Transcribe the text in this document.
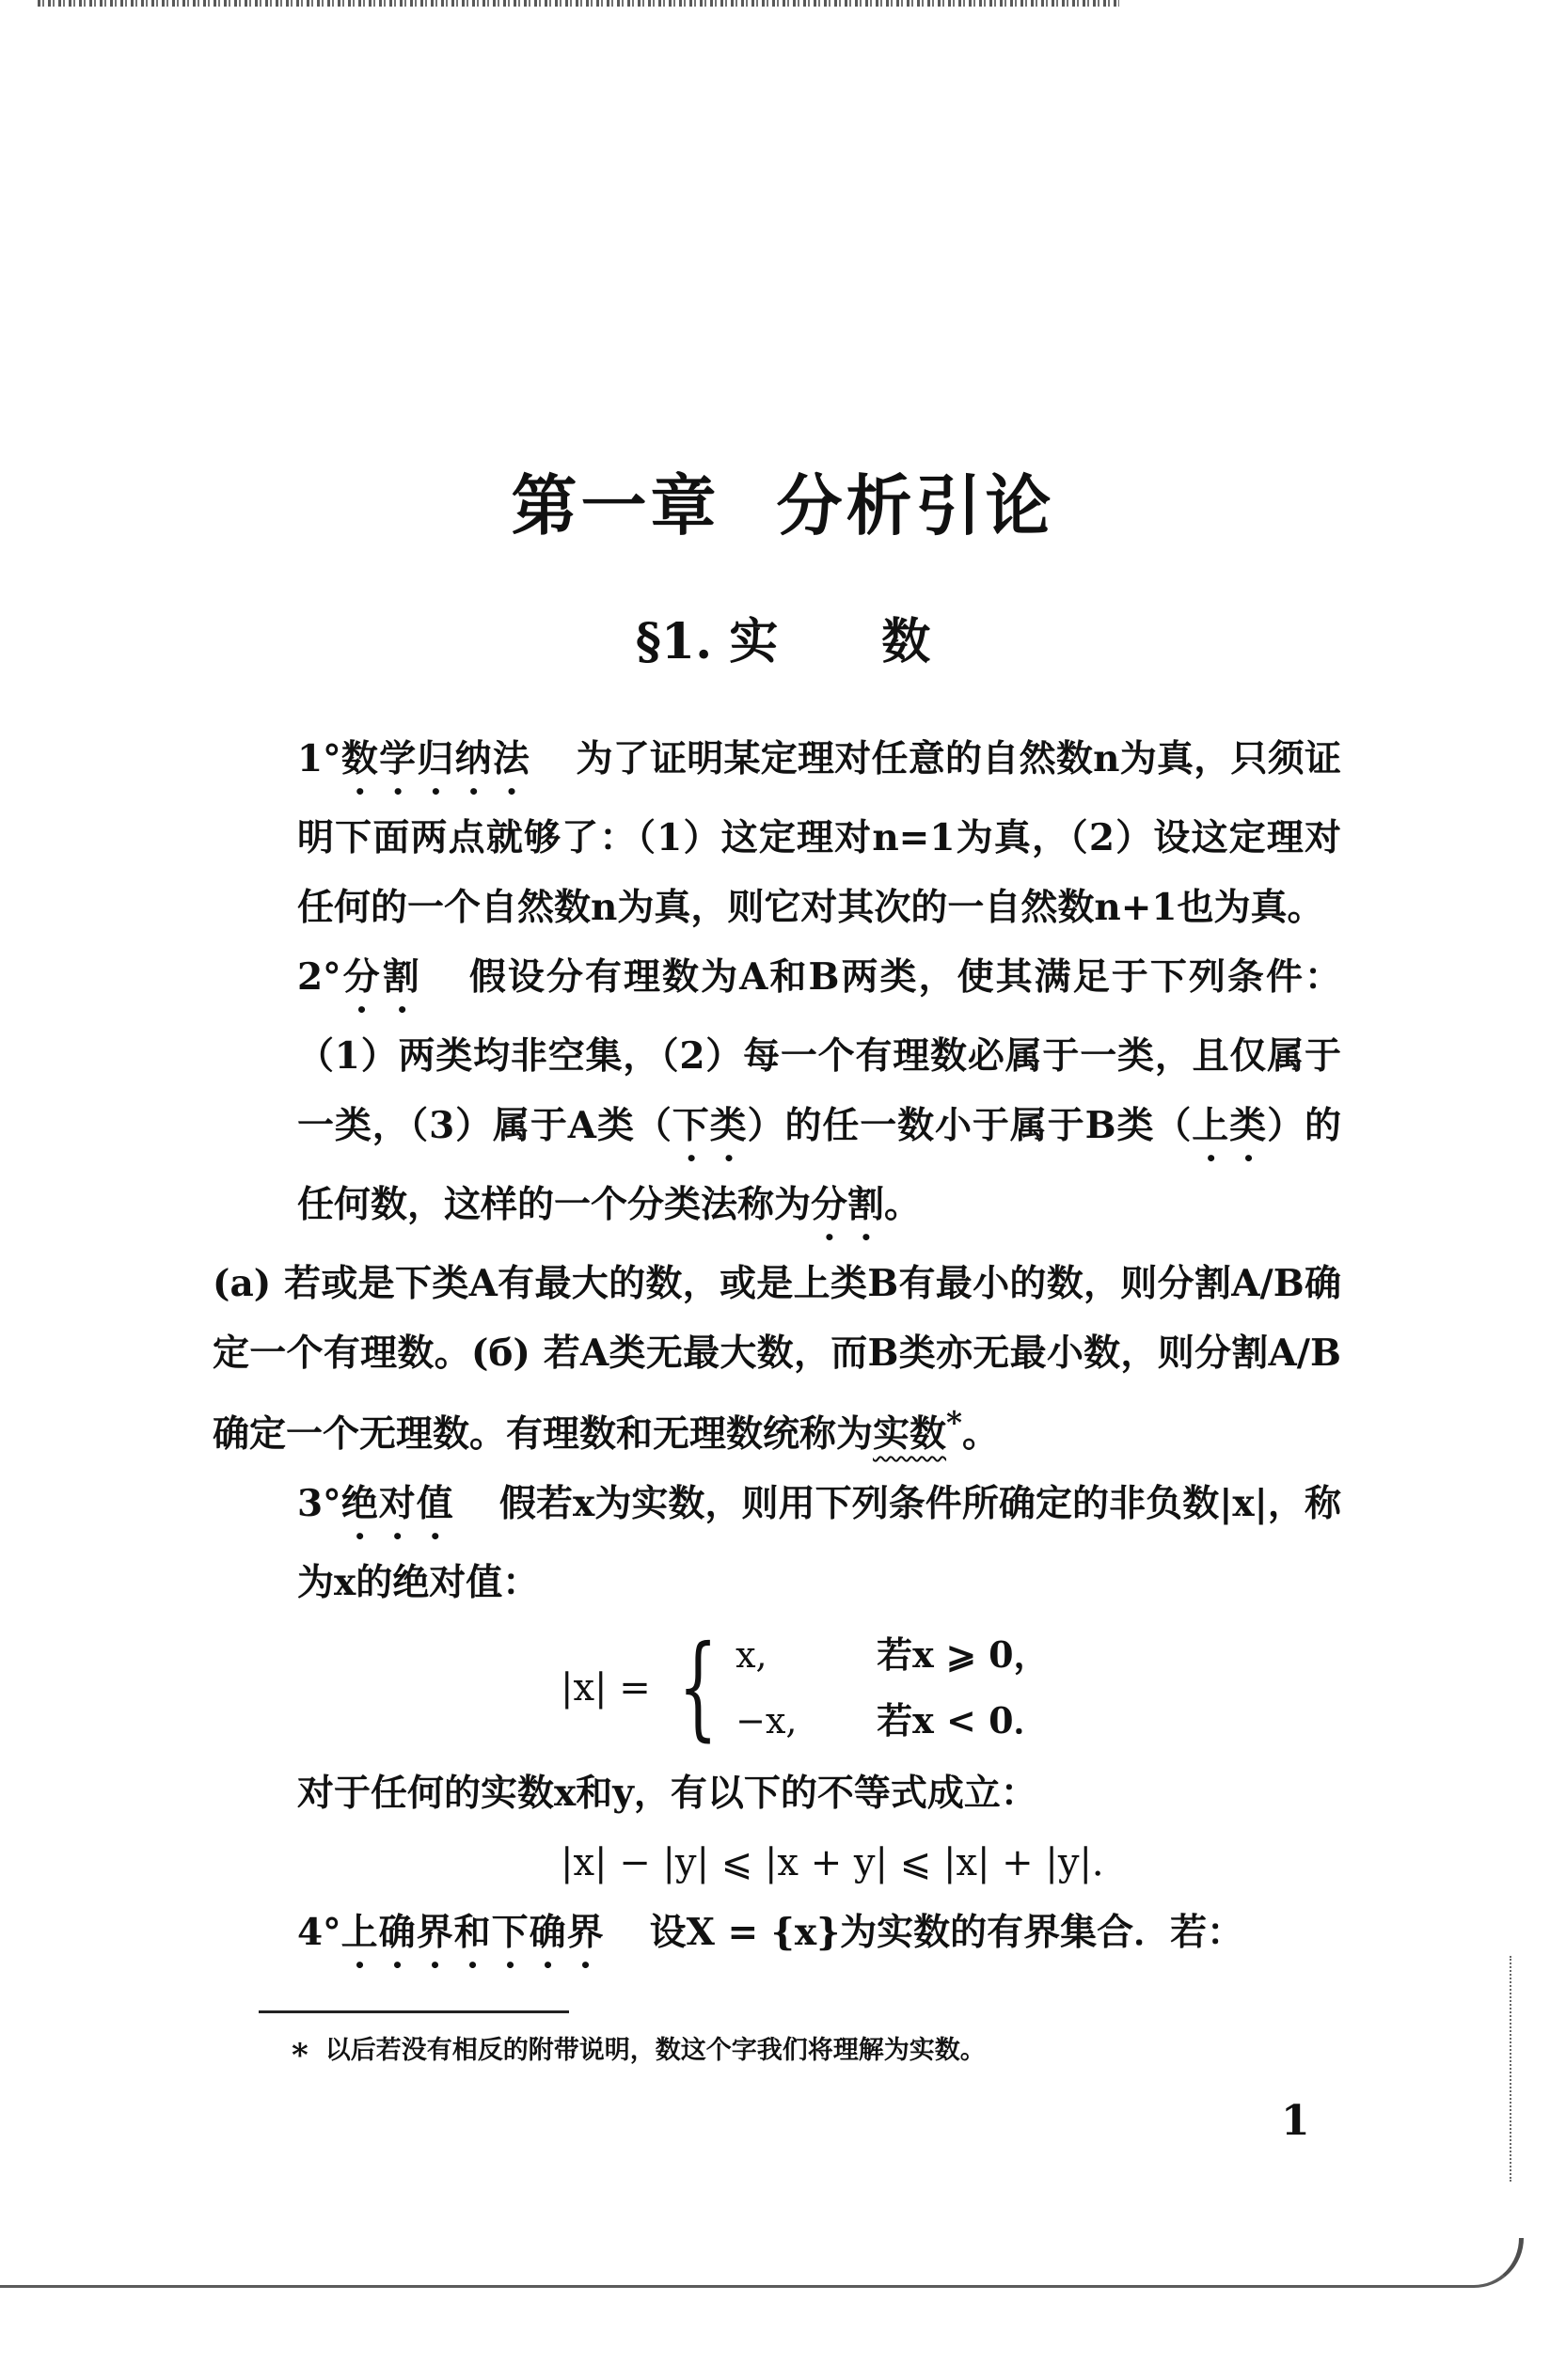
第一章 分析引论
§1. 实 数

1°数学归纳法 为了证明某定理对任意的自然数n为真，只须证明下面两点就够了：（1）这定理对n=1为真，（2）设这定理对任何的一个自然数n为真，则它对其次的一自然数n+1也为真。

2°分割 假设分有理数为A和B两类，使其满足于下列条件：（1）两类均非空集，（2）每一个有理数必属于一类，且仅属于一类，（3）属于A类（下类）的任一数小于属于B类（上类）的任何数，这样的一个分类法称为分割。

(a) 若或是下类A有最大的数，或是上类B有最小的数，则分割A/B确定一个有理数。(б) 若A类无最大数，而B类亦无最小数，则分割A/B确定一个无理数。有理数和无理数统称为实数*。

3°绝对值 假若x为实数，则用下列条件所确定的非负数|x|，称为x的绝对值：

|x| = { x,	若x ⩾ 0，
−x,	若x < 0．

对于任何的实数x和y，有以下的不等式成立：

|x| − |y| ⩽ |x + y| ⩽ |x| + |y|．

4°上确界和下确界 设X = {x}为实数的有界集合．若：

* 以后若没有相反的附带说明，数这个字我们将理解为实数。
1
